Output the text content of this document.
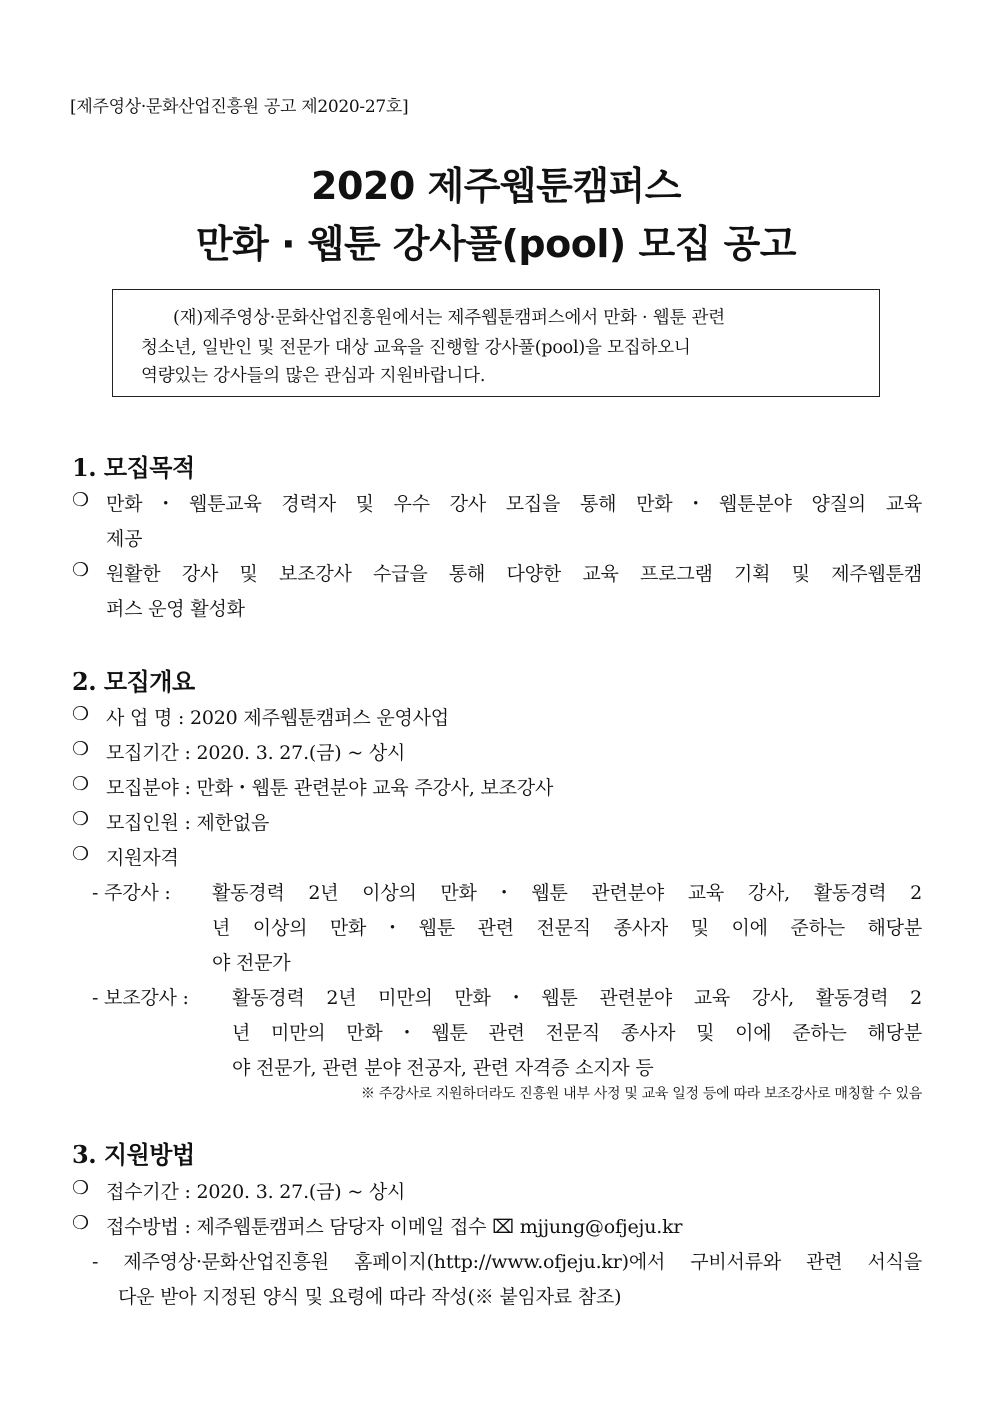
[제주영상·문화산업진흥원 공고 제2020-27호]
2020 제주웹툰캠퍼스
만화 · 웹툰 강사풀(pool) 모집 공고
(재)제주영상·문화산업진흥원에서는 제주웹툰캠퍼스에서 만화 · 웹툰 관련
청소년, 일반인 및 전문가 대상 교육을 진행할 강사풀(pool)을 모집하오니
역량있는 강사들의 많은 관심과 지원바랍니다.
1. 모집목적
❍ 만화・웹툰교육 경력자 및 우수 강사 모집을 통해 만화・웹툰분야 양질의 교육
제공
❍ 원활한 강사 및 보조강사 수급을 통해 다양한 교육 프로그램 기획 및 제주웹툰캠
퍼스 운영 활성화
2. 모집개요
❍ 사 업 명 : 2020 제주웹툰캠퍼스 운영사업
❍ 모집기간 : 2020. 3. 27.(금) ~ 상시
❍ 모집분야 : 만화・웹툰 관련분야 교육 주강사, 보조강사
❍ 모집인원 : 제한없음
❍ 지원자격
- 주강사 : 활동경력 2년 이상의 만화・웹툰 관련분야 교육 강사, 활동경력 2
년 이상의 만화・웹툰 관련 전문직 종사자 및 이에 준하는 해당분
야 전문가
- 보조강사 : 활동경력 2년 미만의 만화・웹툰 관련분야 교육 강사, 활동경력 2
년 미만의 만화・웹툰 관련 전문직 종사자 및 이에 준하는 해당분
야 전문가, 관련 분야 전공자, 관련 자격증 소지자 등
※ 주강사로 지원하더라도 진흥원 내부 사정 및 교육 일정 등에 따라 보조강사로 매칭할 수 있음
3. 지원방법
❍ 접수기간 : 2020. 3. 27.(금) ~ 상시
❍ 접수방법 : 제주웹툰캠퍼스 담당자 이메일 접수 ⌧ mjjung@ofjeju.kr
- 제주영상·문화산업진흥원 홈페이지(http://www.ofjeju.kr)에서 구비서류와 관련 서식을
다운 받아 지정된 양식 및 요령에 따라 작성(※ 붙임자료 참조)
